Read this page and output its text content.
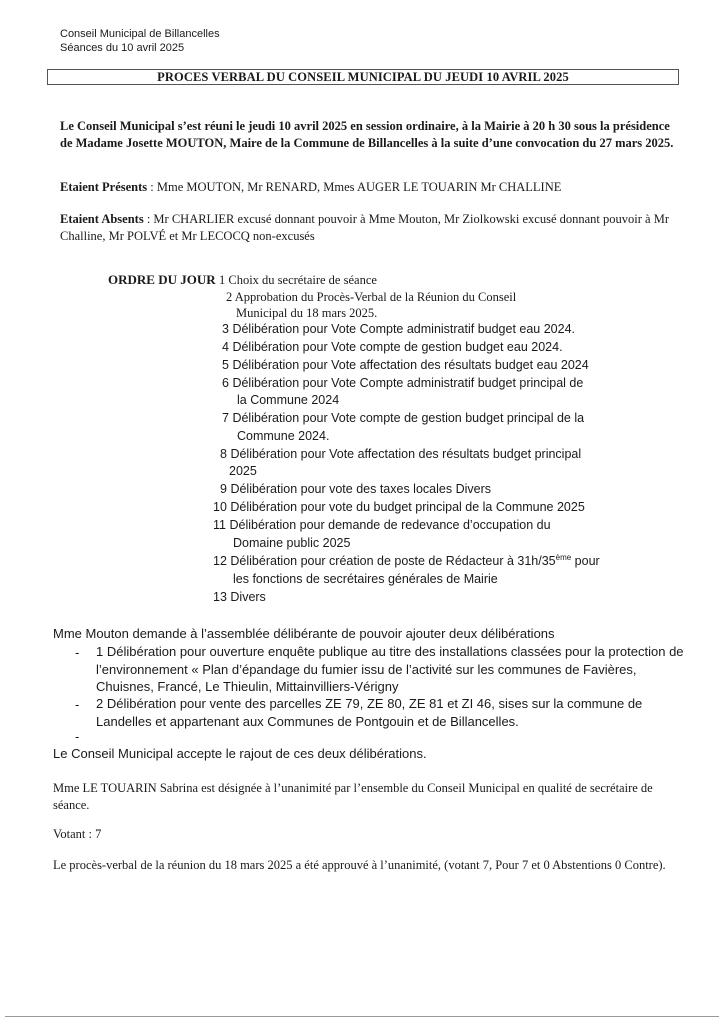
Conseil Municipal de Billancelles
Séances du 10 avril 2025
PROCES VERBAL DU CONSEIL MUNICIPAL DU JEUDI 10 AVRIL 2025

Le Conseil Municipal s’est réuni le jeudi 10 avril 2025 en session ordinaire, à la Mairie à 20 h 30 sous la présidence de Madame Josette MOUTON, Maire de la Commune de Billancelles à la suite d’une convocation du 27 mars 2025.

Etaient Présents : Mme MOUTON, Mr RENARD, Mmes AUGER LE TOUARIN Mr CHALLINE

Etaient Absents : Mr CHARLIER excusé donnant pouvoir à Mme Mouton, Mr Ziolkowski excusé donnant pouvoir à Mr Challine, Mr POLVÉ et Mr LECOCQ non-excusés

ORDRE DU JOUR 1 Choix du secrétaire de séance
2 Approbation du Procès-Verbal de la Réunion du Conseil
Municipal du 18 mars 2025.
3 Délibération pour Vote Compte administratif budget eau 2024.
4 Délibération pour Vote compte de gestion budget eau 2024.
5 Délibération pour Vote affectation des résultats budget eau 2024
6 Délibération pour Vote Compte administratif budget principal de
la Commune 2024
7 Délibération pour Vote compte de gestion budget principal de la
Commune 2024.
8 Délibération pour Vote affectation des résultats budget principal
2025
9 Délibération pour vote des taxes locales Divers
10 Délibération pour vote du budget principal de la Commune 2025
11 Délibération pour demande de redevance d’occupation du
Domaine public 2025
12 Délibération pour création de poste de Rédacteur à 31h/35ème pour
les fonctions de secrétaires générales de Mairie
13 Divers
Mme Mouton demande à l’assemblée délibérante de pouvoir ajouter deux délibérations
- 1 Délibération pour ouverture enquête publique au titre des installations classées pour la protection de l’environnement « Plan d’épandage du fumier issu de l’activité sur les communes de Favières, Chuisnes, Francé, Le Thieulin, Mittainvilliers-Vérigny
- 2 Délibération pour vente des parcelles ZE 79, ZE 80, ZE 81 et ZI 46, sises sur la commune de Landelles et appartenant aux Communes de Pontgouin et de Billancelles.
-
Le Conseil Municipal accepte le rajout de ces deux délibérations.

Mme LE TOUARIN Sabrina est désignée à l’unanimité par l’ensemble du Conseil Municipal en qualité de secrétaire de séance.

Votant : 7

Le procès-verbal de la réunion du 18 mars 2025 a été approuvé à l’unanimité, (votant 7, Pour 7 et 0 Abstentions 0 Contre).
